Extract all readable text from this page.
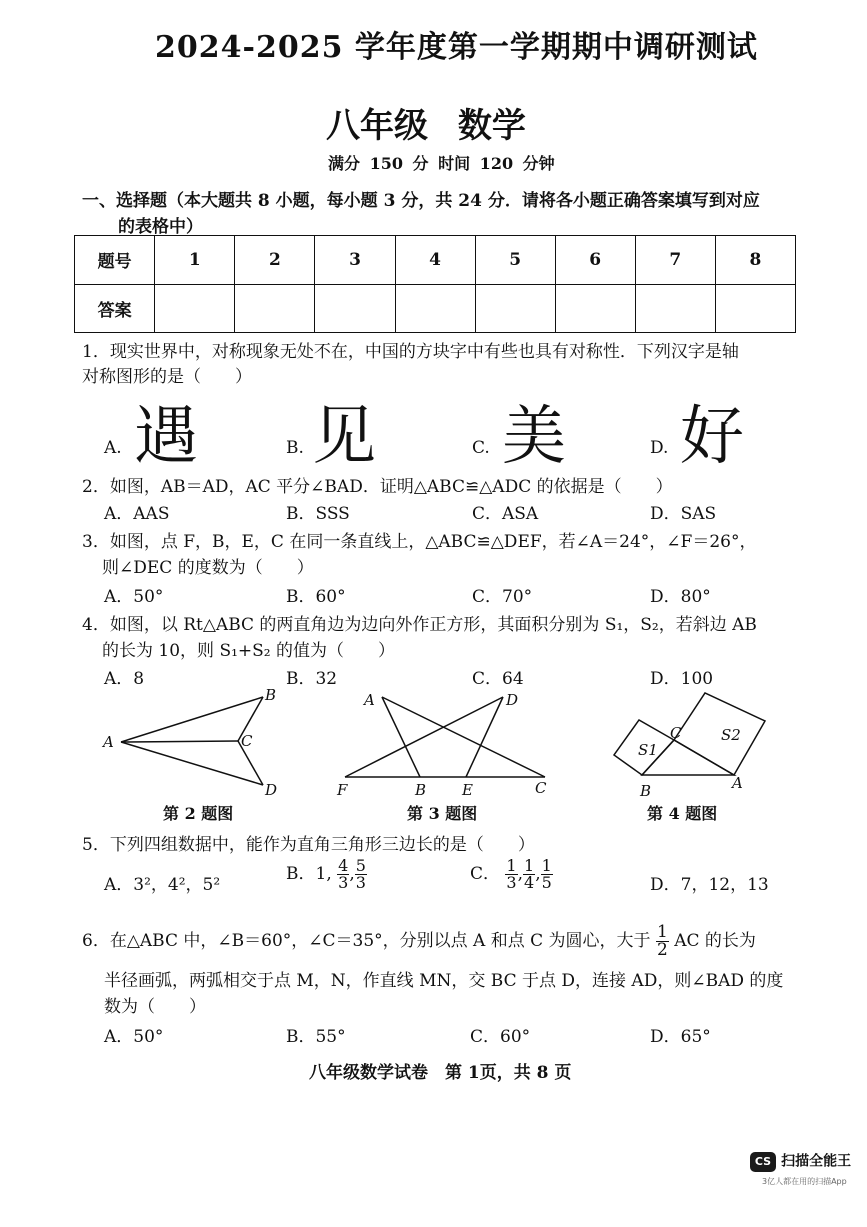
2024-2025 学年度第一学期期中调研测试
八年级 数学
满分 150 分 时间 120 分钟
一、选择题（本大题共 8 小题，每小题 3 分，共 24 分．请将各小题正确答案填写到对应
的表格中）
题号	1	2	3	4	5	6	7	8
答案								
1．现实世界中，对称现象无处不在，中国的方块字中有些也具有对称性．下列汉字是轴
对称图形的是（　　）
A. 遇	B. 见	C. 美	D. 好
2．如图，AB＝AD，AC 平分∠BAD．证明△ABC≌△ADC 的依据是（　　）
A．AAS	B．SSS	C．ASA	D．SAS
3．如图，点 F，B，E，C 在同一条直线上，△ABC≌△DEF，若∠A＝24°，∠F＝26°，
则∠DEC 的度数为（　　）
A．50°	B．60°	C．70°	D．80°
4．如图，以 Rt△ABC 的两直角边为边向外作正方形，其面积分别为 S₁，S₂，若斜边 AB
的长为 10，则 S₁+S₂ 的值为（　　）
A．8	B．32	C．64	D．100
A
B
C
D
第 2 题图
A	D
F	B E	C
第 3 题图
C
S1
S2
B	A
第 4 题图
5．下列四组数据中，能作为直角三角形三边长的是（　　）
A．3²，4²，5²
B．1, $\frac{4}{3}$ , $\frac{5}{3}$	C． $\frac{1}{3}$ , $\frac{1}{4}$ , $\frac{1}{5}$	D．7，12，13
6．在△ABC 中，∠B＝60°，∠C＝35°，分别以点 A 和点 C 为圆心，大于 $\frac{1}{2}$ AC 的长为
半径画弧，两弧相交于点 M，N，作直线 MN，交 BC 于点 D，连接 AD，则∠BAD 的度
数为（　　）
A．50°	B．55°	C．60°	D．65°
八年级数学试卷　第 1页，共 8 页
CS 扫描全能王
3亿人都在用的扫描App
